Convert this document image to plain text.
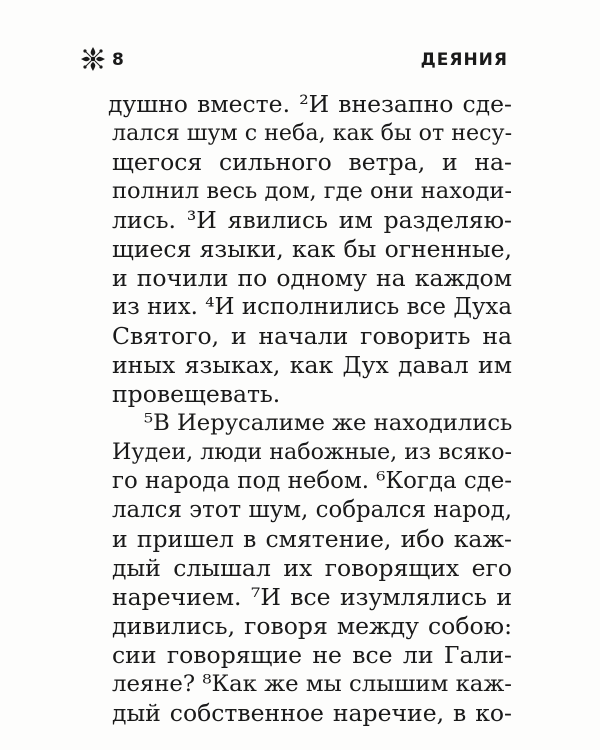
8	ДЕЯНИЯ
душно вместе. ²И внезапно сде-
лался шум с неба, как бы от несу-
щегося сильного ветра, и на-
полнил весь дом, где они находи-
лись. ³И явились им разделяю-
щиеся языки, как бы огненные,
и почили по одному на каждом
из них. ⁴И исполнились все Духа
Святого, и начали говорить на
иных языках, как Дух давал им
провещевать.
⁵В Иерусалиме же находились
Иудеи, люди набожные, из всяко-
го народа под небом. ⁶Когда сде-
лался этот шум, собрался народ,
и пришел в смятение, ибо каж-
дый слышал их говорящих его
наречием. ⁷И все изумлялись и
дивились, говоря между собою:
сии говорящие не все ли Гали-
леяне? ⁸Как же мы слышим каж-
дый собственное наречие, в ко-
